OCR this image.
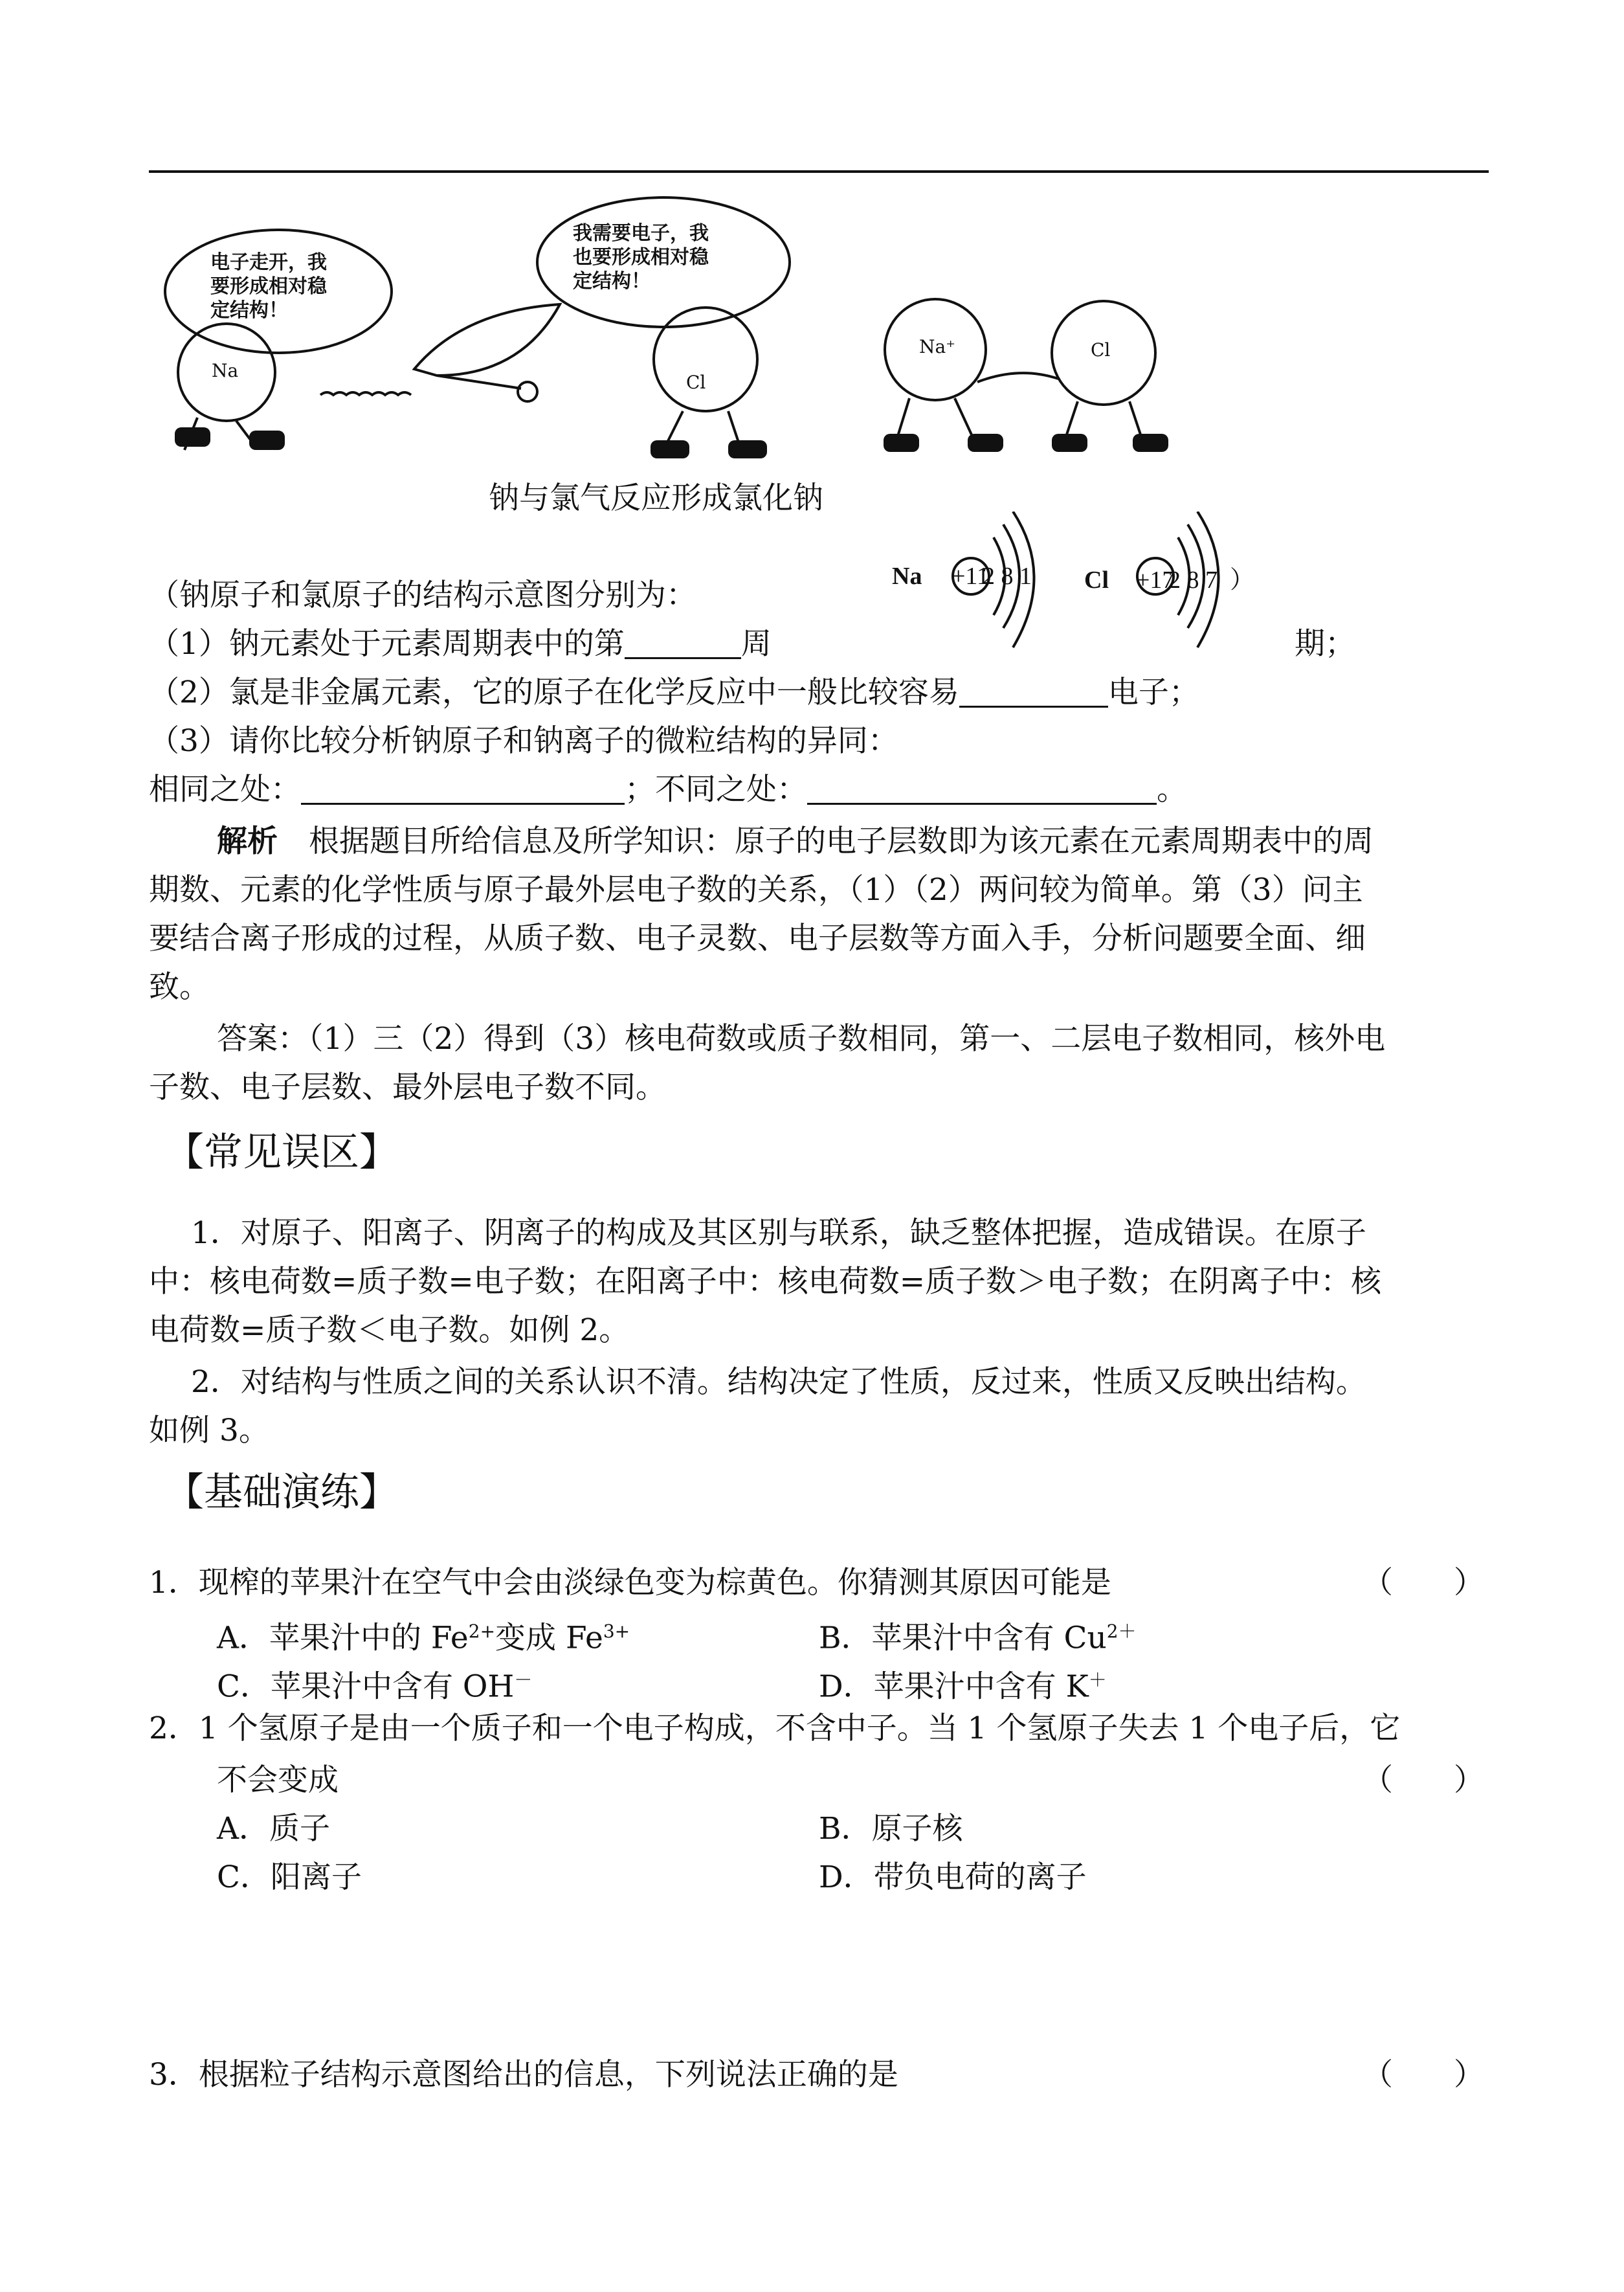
电子走开，我
要形成相对稳
定结构！
我需要电子，我
也要形成相对稳
定结构！
Na
Cl
Na⁺	Cl
钠与氯气反应形成氯化钠
Na +11
2 8 1 Cl +17
2 8 7 ）
（钠原子和氯原子的结构示意图分别为：
（1）钠元素处于元素周期表中的第	周	期；
（2）氯是非金属元素，它的原子在化学反应中一般比较容易	电子；
（3）请你比较分析钠原子和钠离子的微粒结构的异同：
相同之处：	；不同之处：	。
解析 根据题目所给信息及所学知识：原子的电子层数即为该元素在元素周期表中的周
期数、元素的化学性质与原子最外层电子数的关系，（1）（2）两问较为简单。第（3）问主
要结合离子形成的过程，从质子数、电子灵数、电子层数等方面入手，分析问题要全面、细
致。
答案：（1）三（2）得到（3）核电荷数或质子数相同，第一、二层电子数相同，核外电
子数、电子层数、最外层电子数不同。
【常见误区】
1．对原子、阳离子、阴离子的构成及其区别与联系，缺乏整体把握，造成错误。在原子
中：核电荷数=质子数=电子数；在阳离子中：核电荷数=质子数＞电子数；在阴离子中：核
电荷数=质子数＜电子数。如例 2。
2．对结构与性质之间的关系认识不清。结构决定了性质，反过来，性质又反映出结构。
如例 3。
【基础演练】
1．现榨的苹果汁在空气中会由淡绿色变为棕黄色。你猜测其原因可能是	（　　）
A．苹果汁中的 $Fe^{2+}$变成 $Fe^{3+}$	B．苹果汁中含有 $Cu^{2+}$
C．苹果汁中含有 OH－	D．苹果汁中含有 K＋
2．1 个氢原子是由一个质子和一个电子构成，不含中子。当 1 个氢原子失去 1 个电子后，它
不会变成	（　　）
A．质子	B．原子核
C．阳离子	D．带负电荷的离子
3．根据粒子结构示意图给出的信息，下列说法正确的是	（　　）
